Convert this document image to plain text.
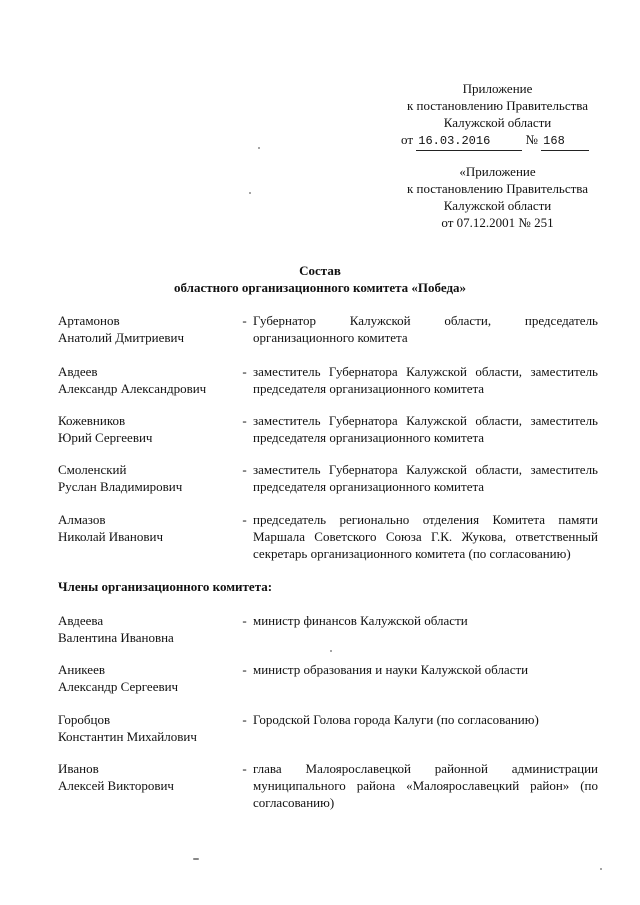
Приложение
к постановлению Правительства
Калужской области
от 16.03.2016	№ 168
«Приложение
к постановлению Правительства
Калужской области
от 07.12.2001 № 251
Состав
областного организационного комитета «Победа»
Артамонов
Анатолий Дмитриевич
- Губернатор Калужской области, председатель организационного комитета
Авдеев
Александр Александрович
- заместитель Губернатора Калужской области, заместитель председателя организационного комитета
Кожевников
Юрий Сергеевич
- заместитель Губернатора Калужской области, заместитель председателя организационного комитета
Смоленский
Руслан Владимирович
- заместитель Губернатора Калужской области, заместитель председателя организационного комитета
Алмазов
Николай Иванович
- председатель регионально отделения Комитета памяти Маршала Советского Союза Г.К. Жукова, ответственный секретарь организационного комитета (по согласованию)
Члены организационного комитета:
Авдеева
Валентина Ивановна
- министр финансов Калужской области
Аникеев
Александр Сергеевич
- министр образования и науки Калужской области
Горобцов
Константин Михайлович
- Городской Голова города Калуги (по согласованию)
Иванов
Алексей Викторович
- глава Малоярославецкой районной администрации муниципального района «Малоярославецкий район» (по согласованию)
